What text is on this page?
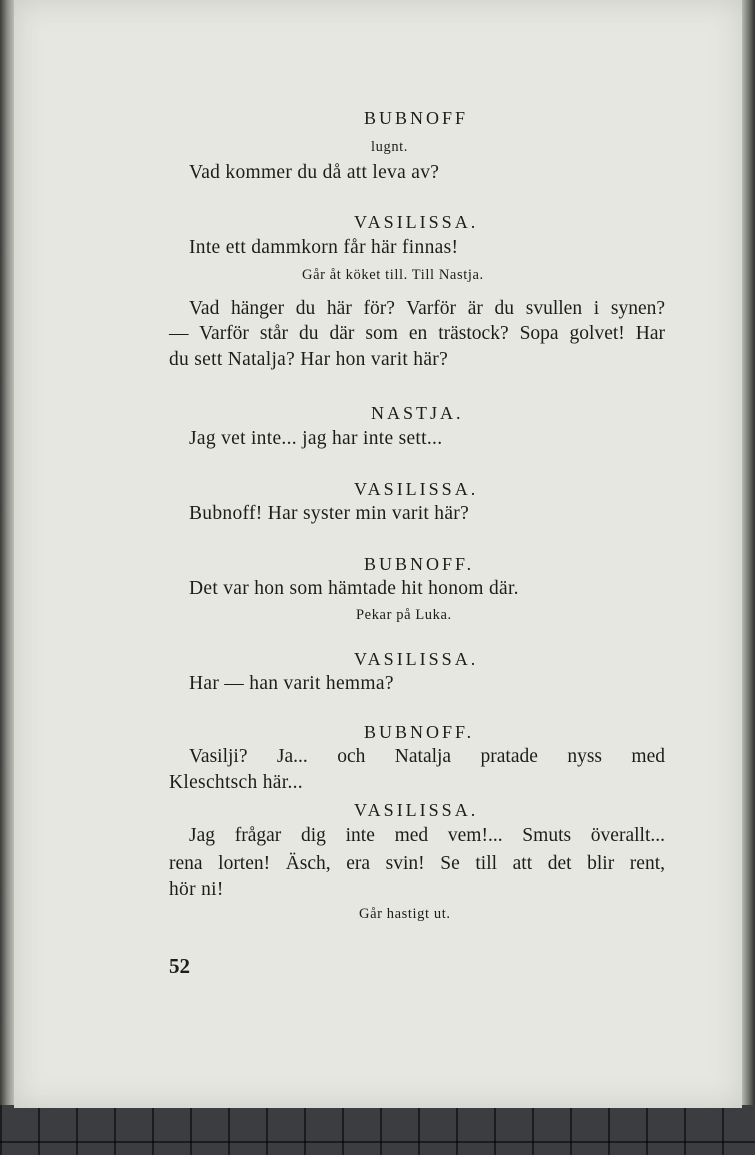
BUBNOFF
lugnt.
Vad kommer du då att leva av?
VASILISSA.
Inte ett dammkorn får här finnas!
Går åt köket till. Till Nastja.
Vad hänger du här för? Varför är du svullen i synen?
— Varför står du där som en trästock? Sopa golvet! Har
du sett Natalja? Har hon varit här?
NASTJA.
Jag vet inte... jag har inte sett...
VASILISSA.
Bubnoff! Har syster min varit här?
BUBNOFF.
Det var hon som hämtade hit honom där.
Pekar på Luka.
VASILISSA.
Har — han varit hemma?
BUBNOFF.
Vasilji? Ja... och Natalja pratade nyss med
Kleschtsch här...
VASILISSA.
Jag frågar dig inte med vem!... Smuts överallt...
rena lorten! Äsch, era svin! Se till att det blir rent,
hör ni!
Går hastigt ut.
52
